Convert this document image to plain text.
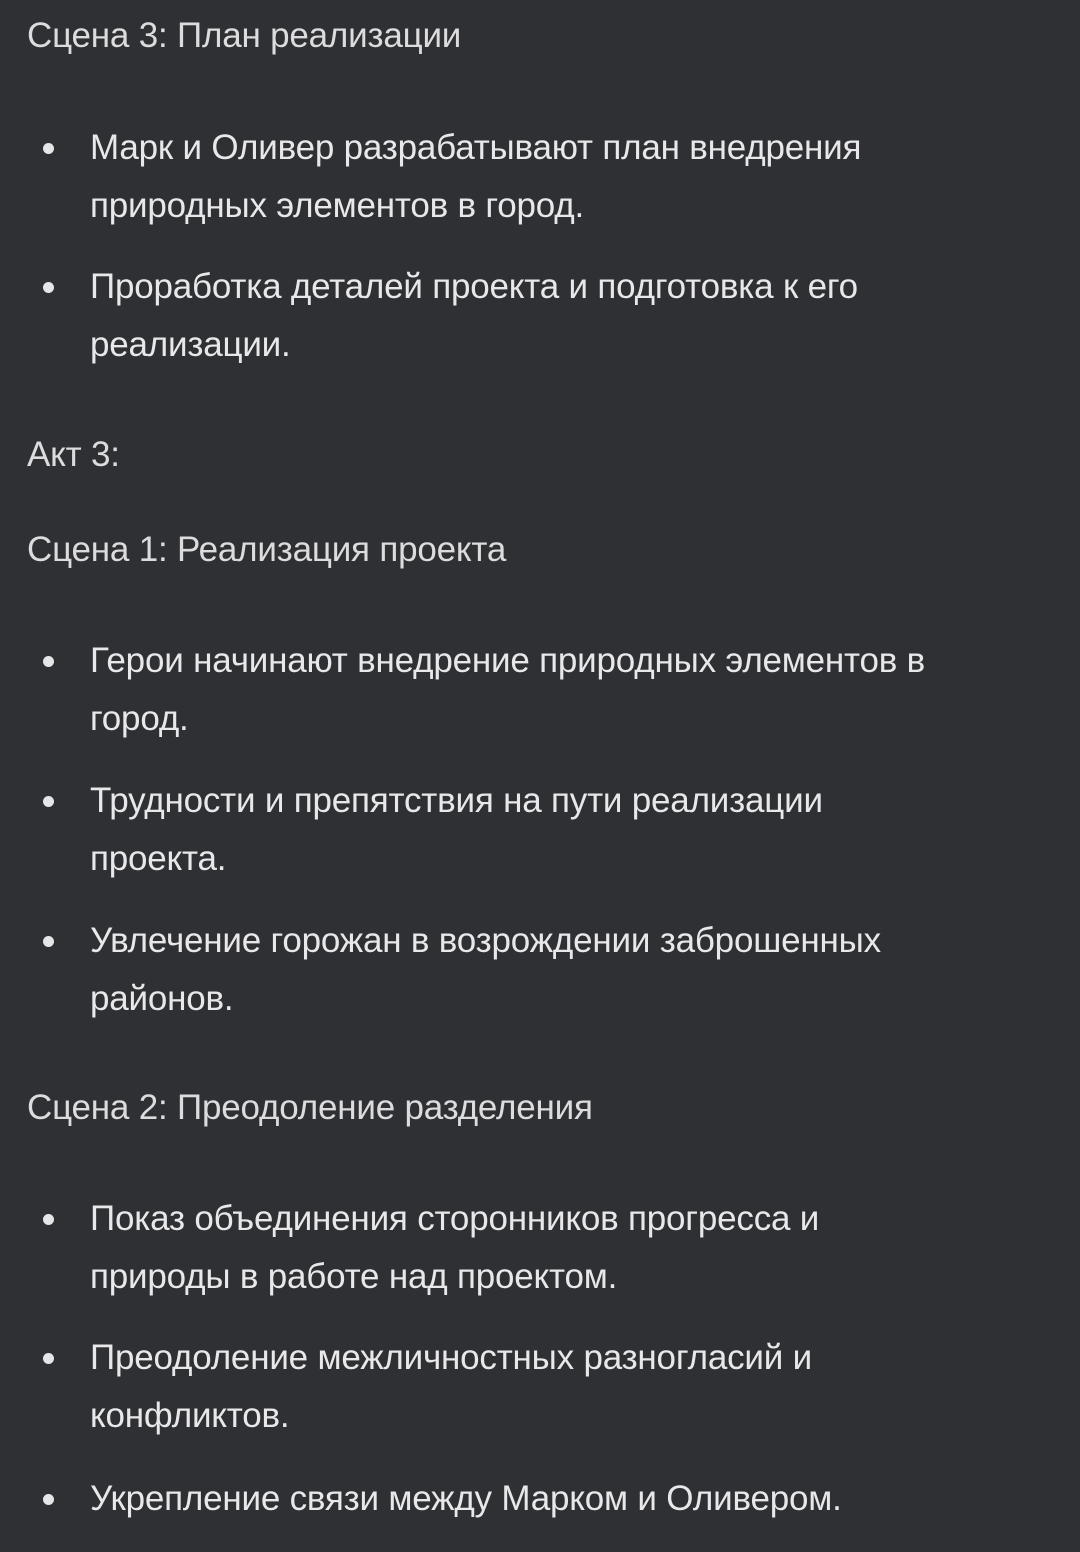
Сцена 3: План реализации
Марк и Оливер разрабатывают план внедрения
природных элементов в город.
Проработка деталей проекта и подготовка к его
реализации.
Акт 3:
Сцена 1: Реализация проекта
Герои начинают внедрение природных элементов в
город.
Трудности и препятствия на пути реализации
проекта.
Увлечение горожан в возрождении заброшенных
районов.
Сцена 2: Преодоление разделения
Показ объединения сторонников прогресса и
природы в работе над проектом.
Преодоление межличностных разногласий и
конфликтов.
Укрепление связи между Марком и Оливером.
